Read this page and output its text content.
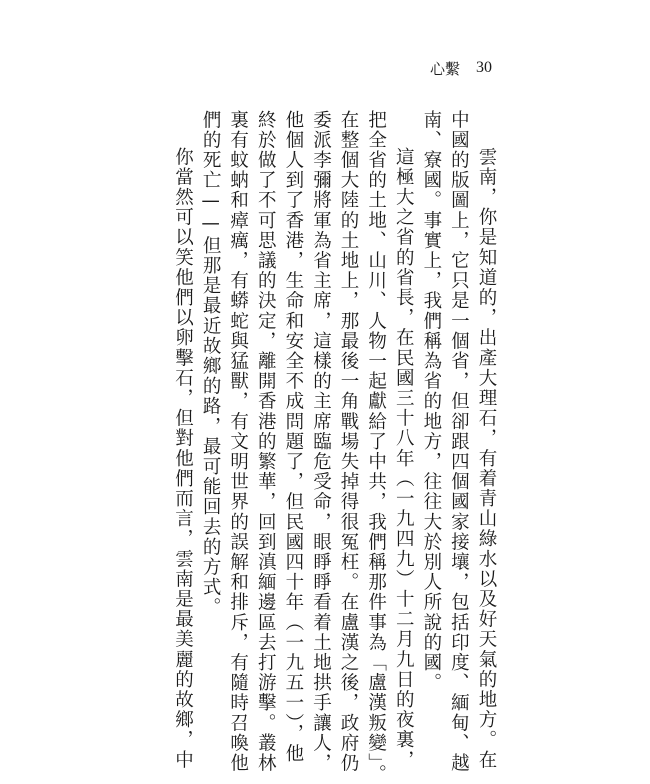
心繫 30
雲南，你是知道的，出產大理石，有着青山綠水以及好天氣的地方。在
中國的版圖上，它只是一個省，但卻跟四個國家接壤，包括印度、緬甸、越
南、寮國。事實上，我們稱為省的地方，往往大於別人所說的國。
這極大之省的省長，在民國三十八年（一九四九）十二月九日的夜裏，
把全省的土地、山川、人物一起獻給了中共，我們稱那件事為「盧漢叛變」。
在整個大陸的土地上，那最後一角戰場失掉得很冤枉。在盧漢之後，政府仍
委派李彌將軍為省主席，這樣的主席臨危受命，眼睜睜看着土地拱手讓人，
他個人到了香港，生命和安全不成問題了，但民國四十年（一九五一），他
終於做了不可思議的決定，離開香港的繁華，回到滇緬邊區去打游擊。叢林
裏有蚊蚋和瘴癘，有蟒蛇與猛獸，有文明世界的誤解和排斥，有隨時召喚他
們的死亡——但那是最近故鄉的路，最可能回去的方式。
你當然可以笑他們以卵擊石，但對他們而言，雲南是最美麗的故鄉，中
